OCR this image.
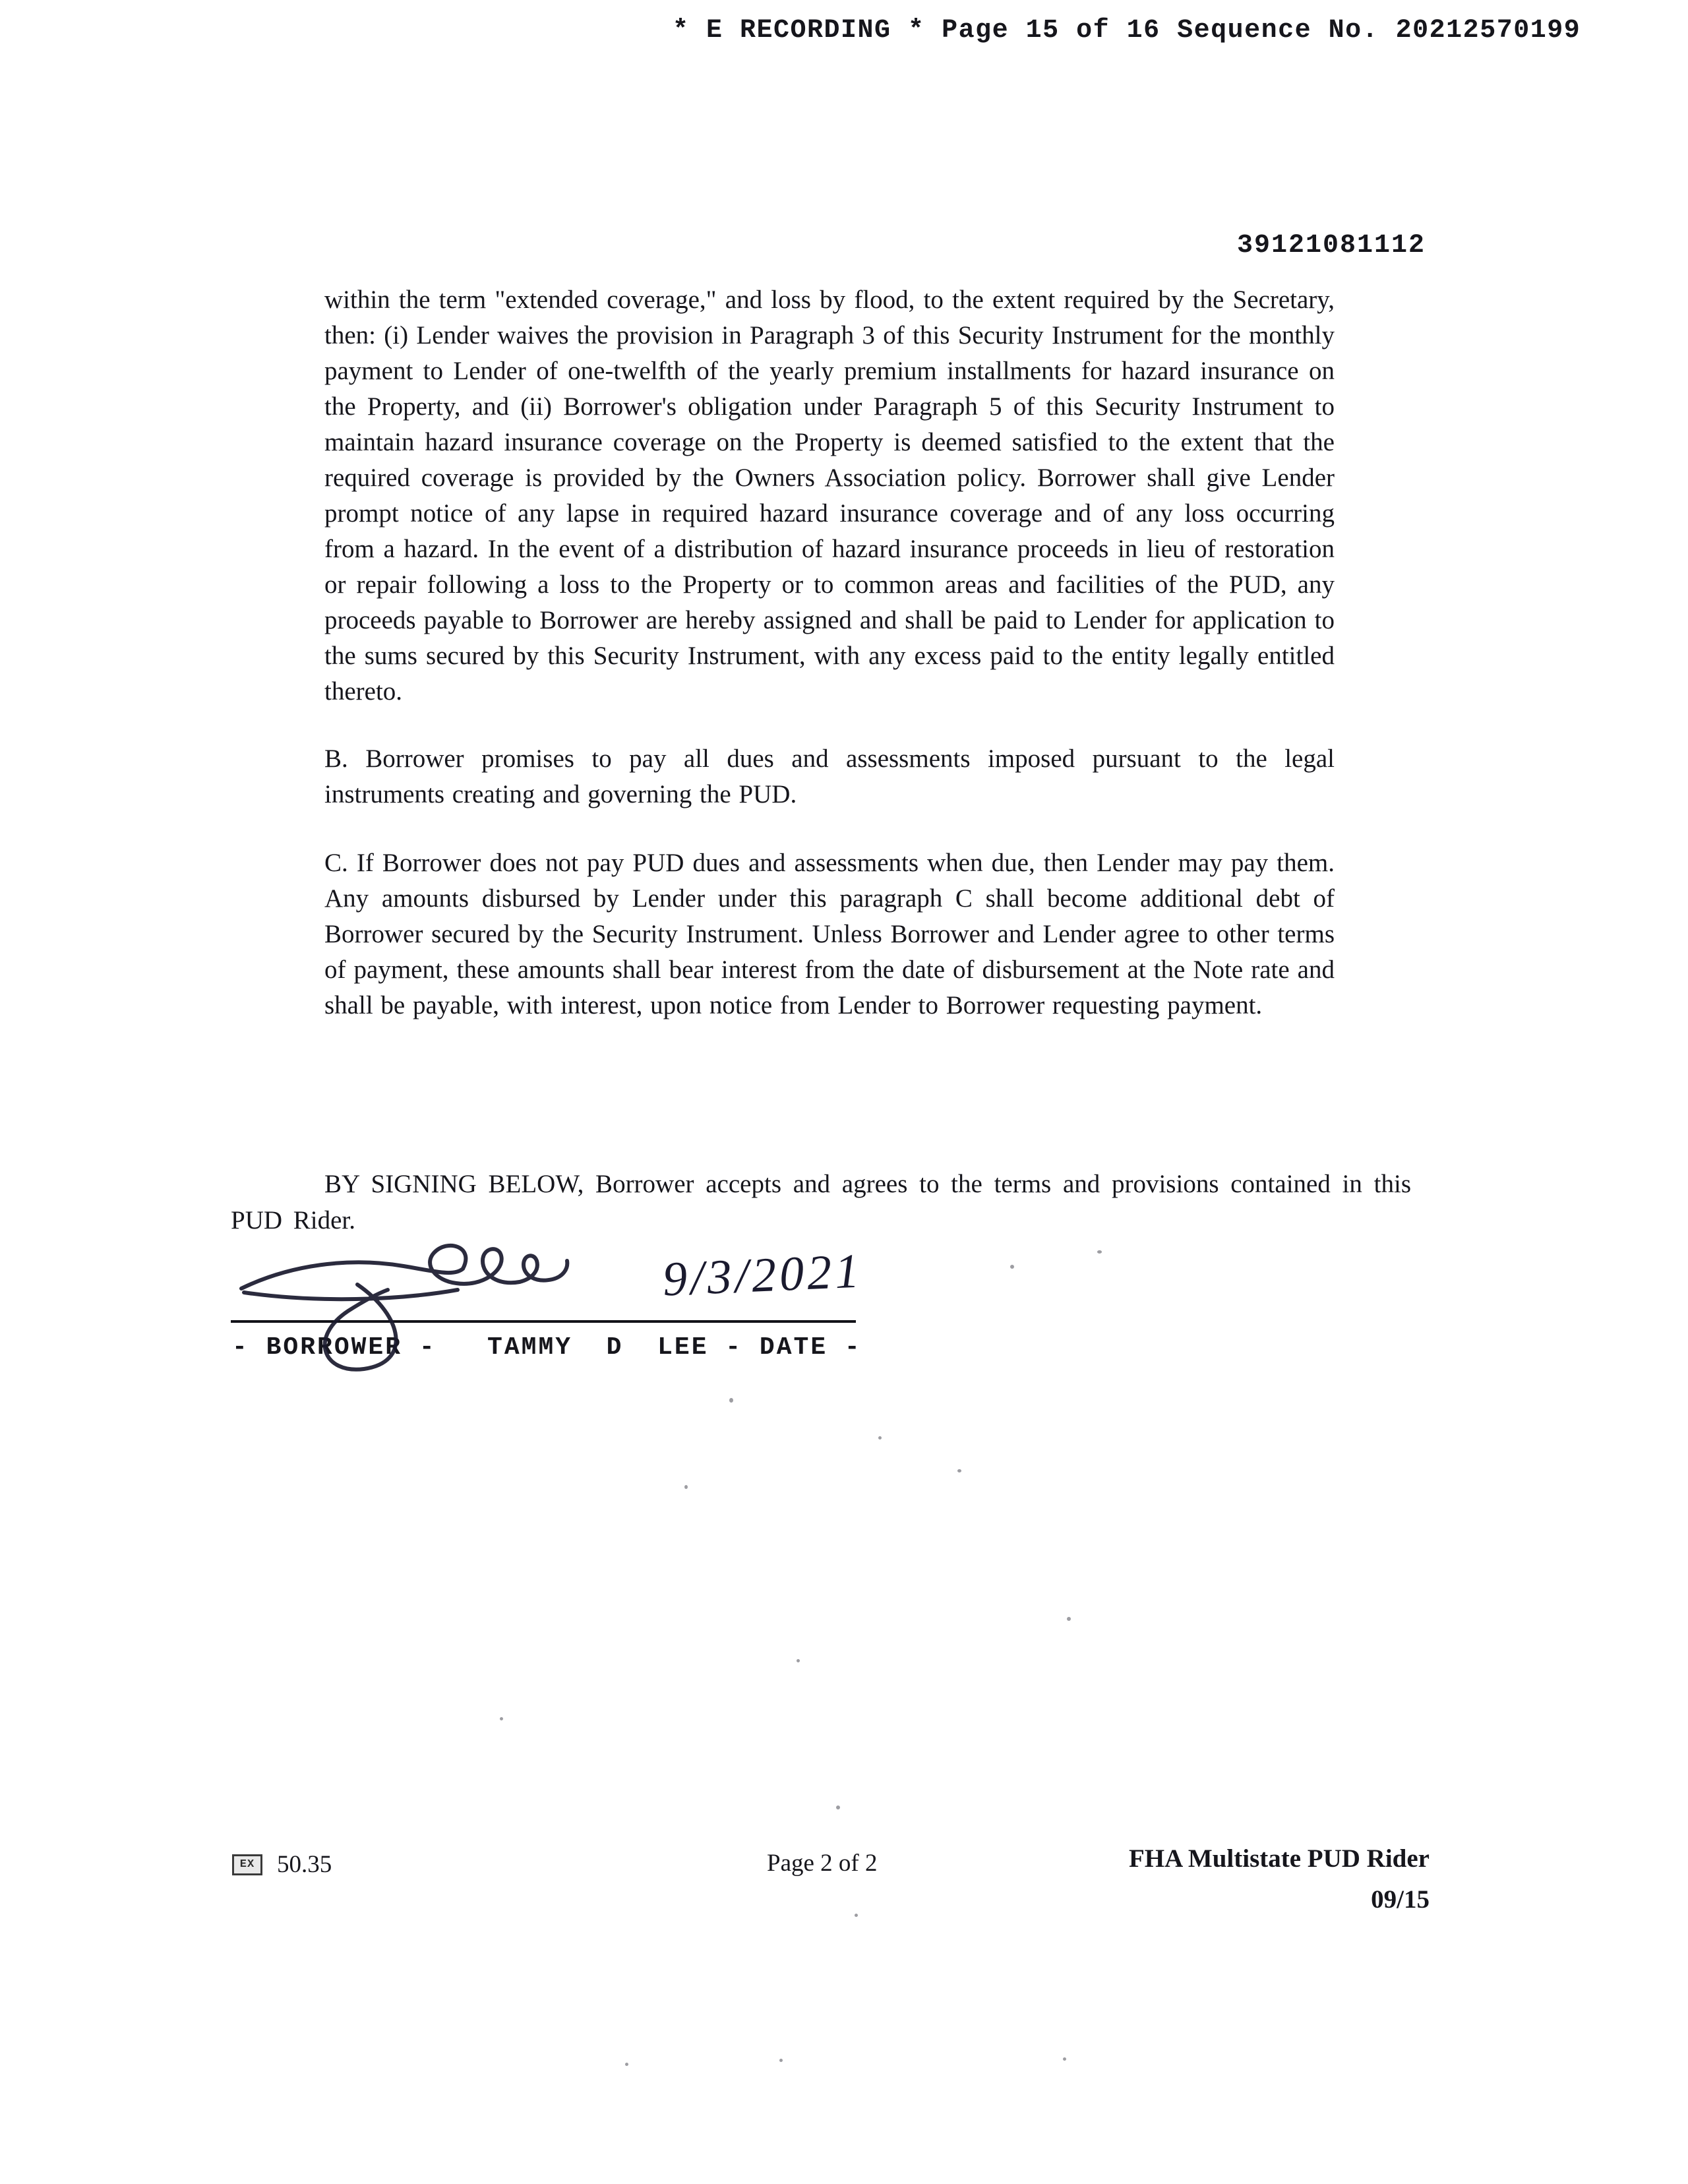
* E RECORDING * Page 15 of 16 Sequence No. 20212570199
39121081112

within the term "extended coverage," and loss by flood, to the extent required by the Secretary, then: (i) Lender waives the provision in Paragraph 3 of this Security Instrument for the monthly payment to Lender of one-twelfth of the yearly premium installments for hazard insurance on the Property, and (ii) Borrower's obligation under Paragraph 5 of this Security Instrument to maintain hazard insurance coverage on the Property is deemed satisfied to the extent that the required coverage is provided by the Owners Association policy. Borrower shall give Lender prompt notice of any lapse in required hazard insurance coverage and of any loss occurring from a hazard. In the event of a distribution of hazard insurance proceeds in lieu of restoration or repair following a loss to the Property or to common areas and facilities of the PUD, any proceeds payable to Borrower are hereby assigned and shall be paid to Lender for application to the sums secured by this Security Instrument, with any excess paid to the entity legally entitled thereto.

B. Borrower promises to pay all dues and assessments imposed pursuant to the legal instruments creating and governing the PUD.

C. If Borrower does not pay PUD dues and assessments when due, then Lender may pay them. Any amounts disbursed by Lender under this paragraph C shall become additional debt of Borrower secured by the Security Instrument. Unless Borrower and Lender agree to other terms of payment, these amounts shall bear interest from the date of disbursement at the Note rate and shall be payable, with interest, upon notice from Lender to Borrower requesting payment.

BY SIGNING BELOW, Borrower accepts and agrees to the terms and provisions contained in this PUD Rider.

- BORROWER -   TAMMY  D  LEE - DATE -
9/3/2021
EX 50.35	Page 2 of 2	FHA Multistate PUD Rider
09/15
